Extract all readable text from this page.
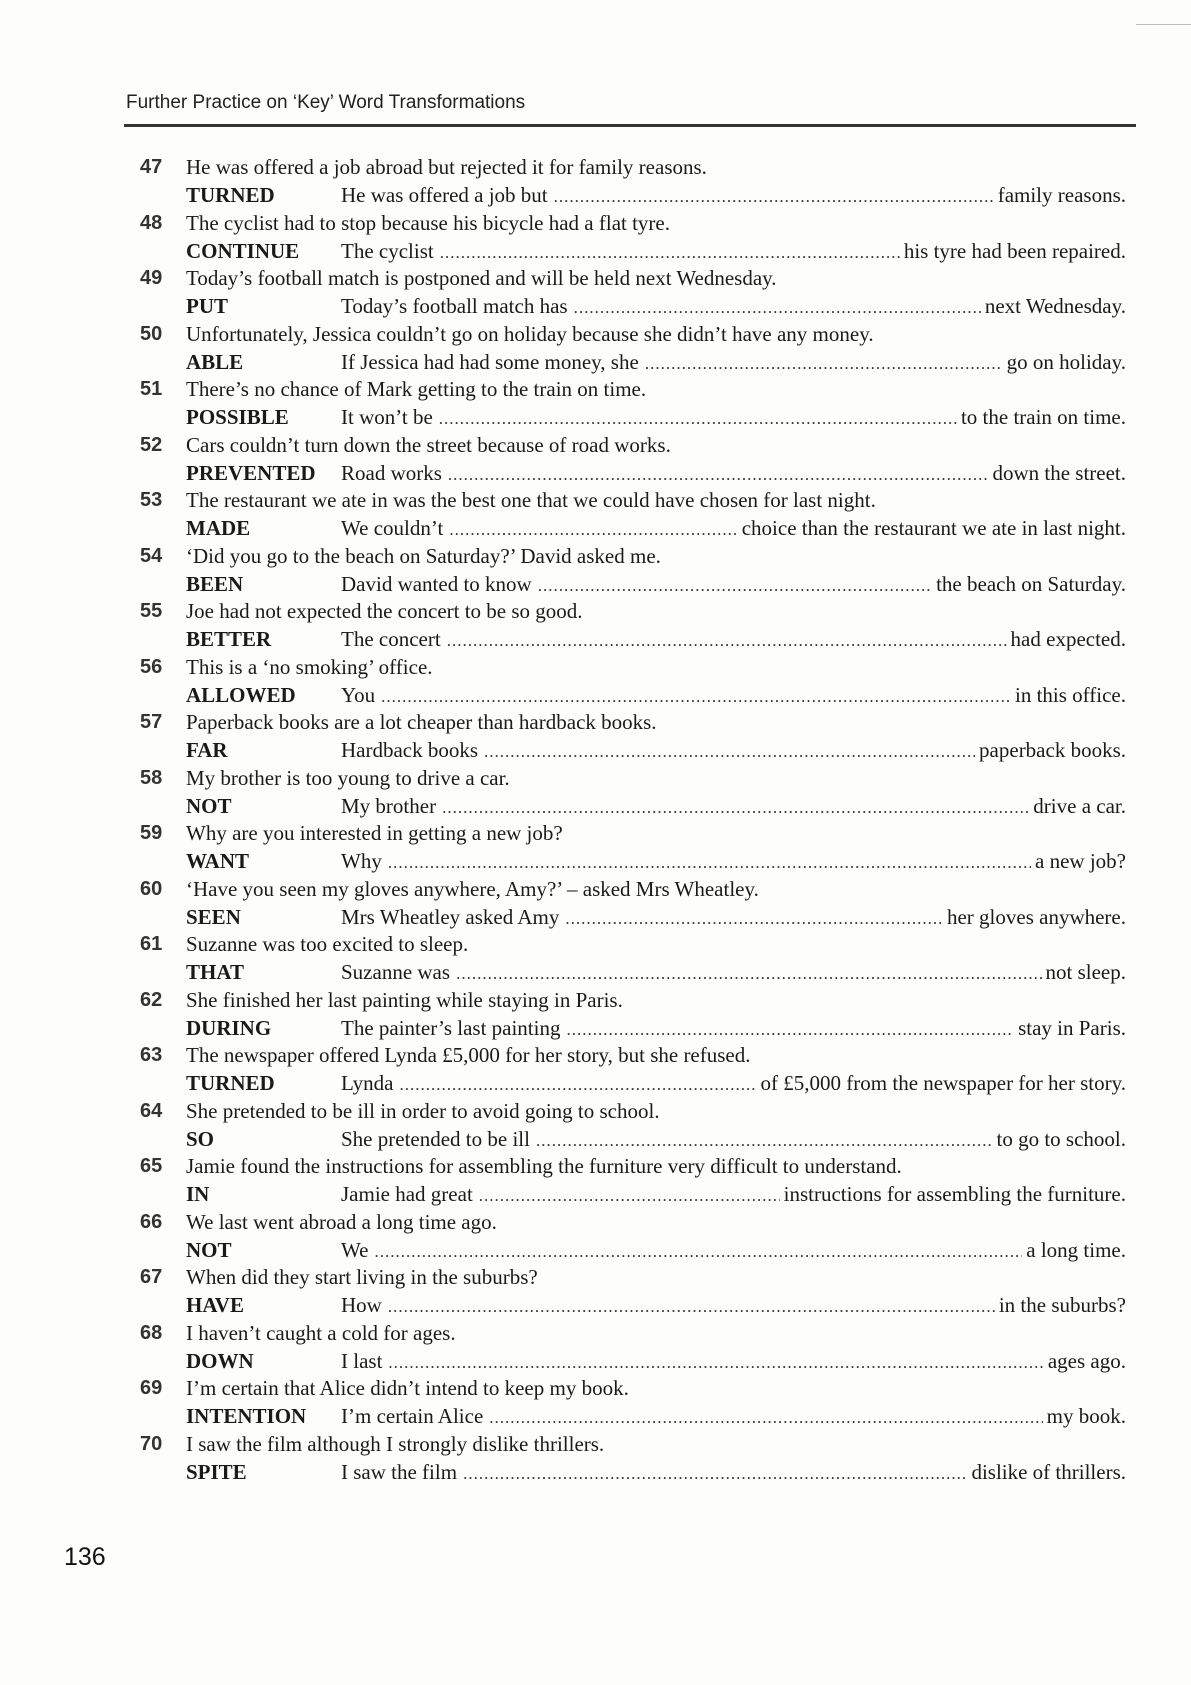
Further Practice on ‘Key’ Word Transformations
47	He was offered a job abroad but rejected it for family reasons.
TURNED	He was offered a job but .....	family reasons.
48	The cyclist had to stop because his bicycle had a flat tyre.
CONTINUE	The cyclist .....	his tyre had been repaired.
49	Today’s football match is postponed and will be held next Wednesday.
PUT	Today’s football match has .....	next Wednesday.
50	Unfortunately, Jessica couldn’t go on holiday because she didn’t have any money.
ABLE	If Jessica had had some money, she .....	go on holiday.
51	There’s no chance of Mark getting to the train on time.
POSSIBLE	It won’t be .....	to the train on time.
52	Cars couldn’t turn down the street because of road works.
PREVENTED	Road works .....	down the street.
53	The restaurant we ate in was the best one that we could have chosen for last night.
MADE	We couldn’t .....	choice than the restaurant we ate in last night.
54	‘Did you go to the beach on Saturday?’ David asked me.
BEEN	David wanted to know .....	the beach on Saturday.
55	Joe had not expected the concert to be so good.
BETTER	The concert .....	had expected.
56	This is a ‘no smoking’ office.
ALLOWED	You .....	in this office.
57	Paperback books are a lot cheaper than hardback books.
FAR	Hardback books .....	paperback books.
58	My brother is too young to drive a car.
NOT	My brother .....	drive a car.
59	Why are you interested in getting a new job?
WANT	Why .....	a new job?
60	‘Have you seen my gloves anywhere, Amy?’ – asked Mrs Wheatley.
SEEN	Mrs Wheatley asked Amy .....	her gloves anywhere.
61	Suzanne was too excited to sleep.
THAT	Suzanne was .....	not sleep.
62	She finished her last painting while staying in Paris.
DURING	The painter’s last painting .....	stay in Paris.
63	The newspaper offered Lynda £5,000 for her story, but she refused.
TURNED	Lynda .....	of £5,000 from the newspaper for her story.
64	She pretended to be ill in order to avoid going to school.
SO	She pretended to be ill .....	to go to school.
65	Jamie found the instructions for assembling the furniture very difficult to understand.
IN	Jamie had great .....	instructions for assembling the furniture.
66	We last went abroad a long time ago.
NOT	We .....	a long time.
67	When did they start living in the suburbs?
HAVE	How .....	in the suburbs?
68	I haven’t caught a cold for ages.
DOWN	I last .....	ages ago.
69	I’m certain that Alice didn’t intend to keep my book.
INTENTION	I’m certain Alice .....	my book.
70	I saw the film although I strongly dislike thrillers.
SPITE	I saw the film .....	dislike of thrillers.
136
